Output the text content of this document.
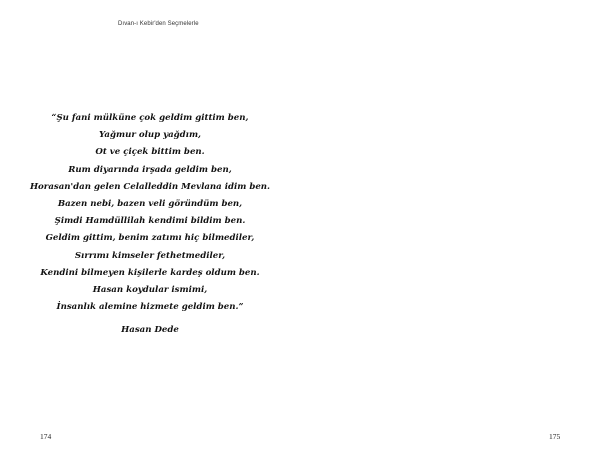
Dıvan-ı Kebir'den Seçmelerle
“Şu fani mülküne çok geldim gittim ben,
Yağmur olup yağdım,
Ot ve çiçek bittim ben.
Rum diyarında irşada geldim ben,
Horasan'dan gelen Celalleddin Mevlana idim ben.
Bazen nebi, bazen veli göründüm ben,
Şimdi Hamdüllilah kendimi bildim ben.
Geldim gittim, benim zatımı hiç bilmediler,
Sırrımı kimseler fethetmediler,
Kendini bilmeyen kişilerle kardeş oldum ben.
Hasan koydular ismimi,
İnsanlık alemine hizmete geldim ben.”
Hasan Dede
174	175
